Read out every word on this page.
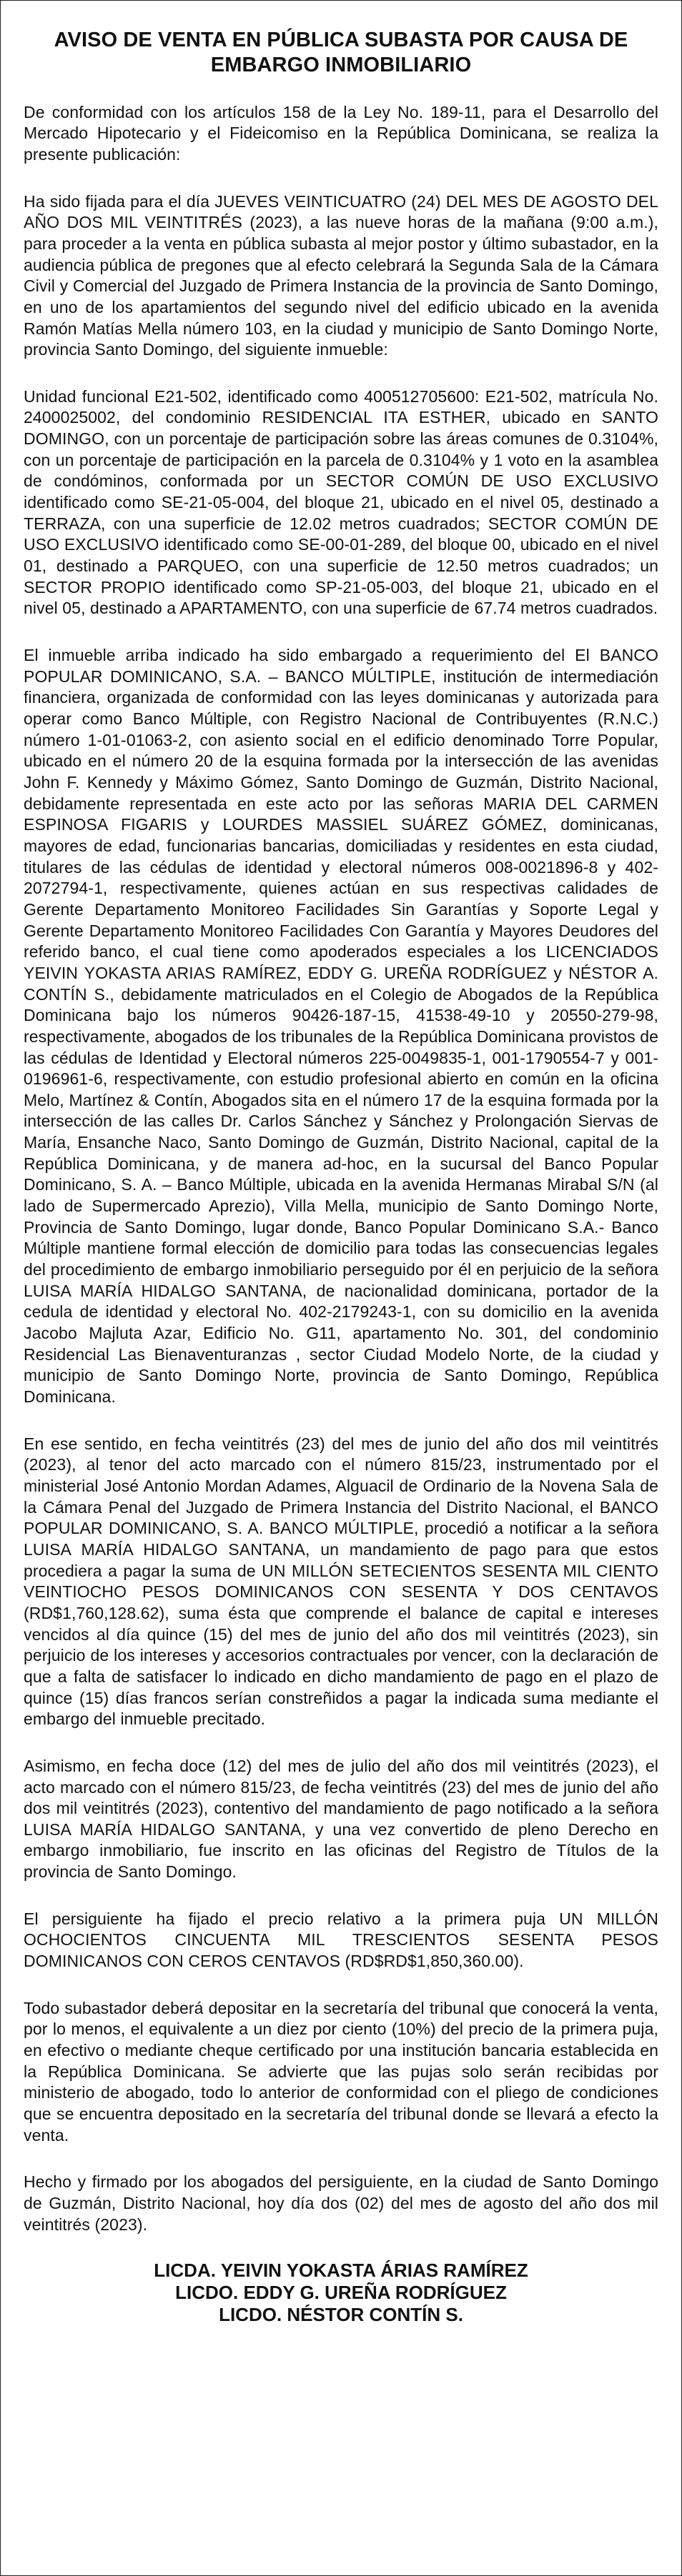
AVISO DE VENTA EN PÚBLICA SUBASTA POR CAUSA DE
EMBARGO INMOBILIARIO

De conformidad con los artículos 158 de la Ley No. 189-11, para el Desarrollo del Mercado Hipotecario y el Fideicomiso en la República Dominicana, se realiza la presente publicación:

Ha sido fijada para el día JUEVES VEINTICUATRO (24) DEL MES DE AGOSTO DEL AÑO DOS MIL VEINTITRÉS (2023), a las nueve horas de la mañana (9:00 a.m.), para proceder a la venta en pública subasta al mejor postor y último subastador, en la audiencia pública de pregones que al efecto celebrará la Segunda Sala de la Cámara Civil y Comercial del Juzgado de Primera Instancia de la provincia de Santo Domingo, en uno de los apartamientos del segundo nivel del edificio ubicado en la avenida Ramón Matías Mella número 103, en la ciudad y municipio de Santo Domingo Norte, provincia Santo Domingo, del siguiente inmueble:

Unidad funcional E21-502, identificado como 400512705600: E21-502, matrícula No. 2400025002, del condominio RESIDENCIAL ITA ESTHER, ubicado en SANTO DOMINGO, con un porcentaje de participación sobre las áreas comunes de 0.3104%, con un porcentaje de participación en la parcela de 0.3104% y 1 voto en la asamblea de condóminos, conformada por un SECTOR COMÚN DE USO EXCLUSIVO identificado como SE-21-05-004, del bloque 21, ubicado en el nivel 05, destinado a TERRAZA, con una superficie de 12.02 metros cuadrados; SECTOR COMÚN DE USO EXCLUSIVO identificado como SE-00-01-289, del bloque 00, ubicado en el nivel 01, destinado a PARQUEO, con una superficie de 12.50 metros cuadrados; un SECTOR PROPIO identificado como SP-21-05-003, del bloque 21, ubicado en el nivel 05, destinado a APARTAMENTO, con una superficie de 67.74 metros cuadrados.

El inmueble arriba indicado ha sido embargado a requerimiento del El BANCO POPULAR DOMINICANO, S.A. – BANCO MÚLTIPLE, institución de intermediación financiera, organizada de conformidad con las leyes dominicanas y autorizada para operar como Banco Múltiple, con Registro Nacional de Contribuyentes (R.N.C.) número 1-01-01063-2, con asiento social en el edificio denominado Torre Popular, ubicado en el número 20 de la esquina formada por la intersección de las avenidas John F. Kennedy y Máximo Gómez, Santo Domingo de Guzmán, Distrito Nacional, debidamente representada en este acto por las señoras MARIA DEL CARMEN ESPINOSA FIGARIS y LOURDES MASSIEL SUÁREZ GÓMEZ, dominicanas, mayores de edad, funcionarias bancarias, domiciliadas y residentes en esta ciudad, titulares de las cédulas de identidad y electoral números 008-0021896-8 y 402-2072794-1, respectivamente, quienes actúan en sus respectivas calidades de Gerente Departamento Monitoreo Facilidades Sin Garantías y Soporte Legal y Gerente Departamento Monitoreo Facilidades Con Garantía y Mayores Deudores del referido banco, el cual tiene como apoderados especiales a los LICENCIADOS YEIVIN YOKASTA ARIAS RAMÍREZ, EDDY G. UREÑA RODRÍGUEZ y NÉSTOR A. CONTÍN S., debidamente matriculados en el Colegio de Abogados de la República Dominicana bajo los números 90426-187-15, 41538-49-10 y 20550-279-98, respectivamente, abogados de los tribunales de la República Dominicana provistos de las cédulas de Identidad y Electoral números 225-0049835-1, 001-1790554-7 y 001-0196961-6, respectivamente, con estudio profesional abierto en común en la oficina Melo, Martínez & Contín, Abogados sita en el número 17 de la esquina formada por la intersección de las calles Dr. Carlos Sánchez y Sánchez y Prolongación Siervas de María, Ensanche Naco, Santo Domingo de Guzmán, Distrito Nacional, capital de la República Dominicana, y de manera ad-hoc, en la sucursal del Banco Popular Dominicano, S. A. – Banco Múltiple, ubicada en la avenida Hermanas Mirabal S/N (al lado de Supermercado Aprezio), Villa Mella, municipio de Santo Domingo Norte, Provincia de Santo Domingo, lugar donde, Banco Popular Dominicano S.A.- Banco Múltiple mantiene formal elección de domicilio para todas las consecuencias legales del procedimiento de embargo inmobiliario perseguido por él en perjuicio de la señora LUISA MARÍA HIDALGO SANTANA, de nacionalidad dominicana, portador de la cedula de identidad y electoral No. 402-2179243-1, con su domicilio en la avenida Jacobo Majluta Azar, Edificio No. G11, apartamento No. 301, del condominio Residencial Las Bienaventuranzas , sector Ciudad Modelo Norte, de la ciudad y municipio de Santo Domingo Norte, provincia de Santo Domingo, República Dominicana.

En ese sentido, en fecha veintitrés (23) del mes de junio del año dos mil veintitrés (2023), al tenor del acto marcado con el número 815/23, instrumentado por el ministerial José Antonio Mordan Adames, Alguacil de Ordinario de la Novena Sala de la Cámara Penal del Juzgado de Primera Instancia del Distrito Nacional, el BANCO POPULAR DOMINICANO, S. A. BANCO MÚLTIPLE, procedió a notificar a la señora LUISA MARÍA HIDALGO SANTANA, un mandamiento de pago para que estos procediera a pagar la suma de UN MILLÓN SETECIENTOS SESENTA MIL CIENTO VEINTIOCHO PESOS DOMINICANOS CON SESENTA Y DOS CENTAVOS (RD$1,760,128.62), suma ésta que comprende el balance de capital e intereses vencidos al día quince (15) del mes de junio del año dos mil veintitrés (2023), sin perjuicio de los intereses y accesorios contractuales por vencer, con la declaración de que a falta de satisfacer lo indicado en dicho mandamiento de pago en el plazo de quince (15) días francos serían constreñidos a pagar la indicada suma mediante el embargo del inmueble precitado.

Asimismo, en fecha doce (12) del mes de julio del año dos mil veintitrés (2023), el acto marcado con el número 815/23, de fecha veintitrés (23) del mes de junio del año dos mil veintitrés (2023), contentivo del mandamiento de pago notificado a la señora LUISA MARÍA HIDALGO SANTANA, y una vez convertido de pleno Derecho en embargo inmobiliario, fue inscrito en las oficinas del Registro de Títulos de la provincia de Santo Domingo.

El persiguiente ha fijado el precio relativo a la primera puja UN MILLÓN OCHOCIENTOS CINCUENTA MIL TRESCIENTOS SESENTA PESOS DOMINICANOS CON CEROS CENTAVOS (RD$RD$1,850,360.00).

Todo subastador deberá depositar en la secretaría del tribunal que conocerá la venta, por lo menos, el equivalente a un diez por ciento (10%) del precio de la primera puja, en efectivo o mediante cheque certificado por una institución bancaria establecida en la República Dominicana. Se advierte que las pujas solo serán recibidas por ministerio de abogado, todo lo anterior de conformidad con el pliego de condiciones que se encuentra depositado en la secretaría del tribunal donde se llevará a efecto la venta.

Hecho y firmado por los abogados del persiguiente, en la ciudad de Santo Domingo de Guzmán, Distrito Nacional, hoy día dos (02) del mes de agosto del año dos mil veintitrés (2023).

LICDA. YEIVIN YOKASTA ÁRIAS RAMÍREZ
LICDO. EDDY G. UREÑA RODRÍGUEZ
LICDO. NÉSTOR CONTÍN S.
